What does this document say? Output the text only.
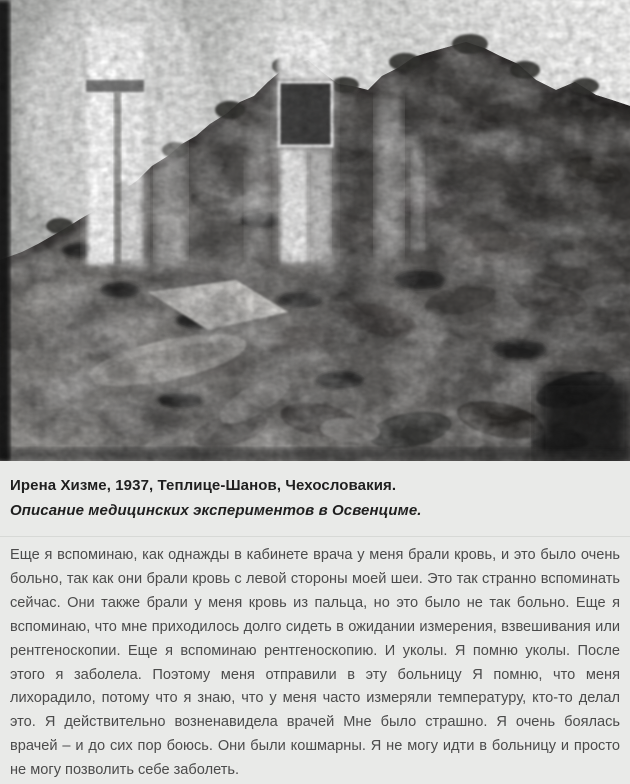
Ирена Хизме, 1937, Теплице-Шанов, Чехословакия.
Описание медицинских экспериментов в Освенциме.
Еще я вспоминаю, как однажды в кабинете врача у меня брали кровь, и это было очень больно, так как они брали кровь с левой стороны моей шеи. Это так странно вспоминать сейчас. Они также брали у меня кровь из пальца, но это было не так больно. Еще я вспоминаю, что мне приходилось долго сидеть в ожидании измерения, взвешивания или рентгеноскопии. Еще я вспоминаю рентгеноскопию. И уколы. Я помню уколы. После этого я заболела. Поэтому меня отправили в эту больницу Я помню, что меня лихорадило, потому что я знаю, что у меня часто измеряли температуру, кто-то делал это. Я действительно возненавидела врачей Мне было страшно. Я очень боялась врачей – и до сих пор боюсь. Они были кошмарны. Я не могу идти в больницу и просто не могу позволить себе заболеть.
